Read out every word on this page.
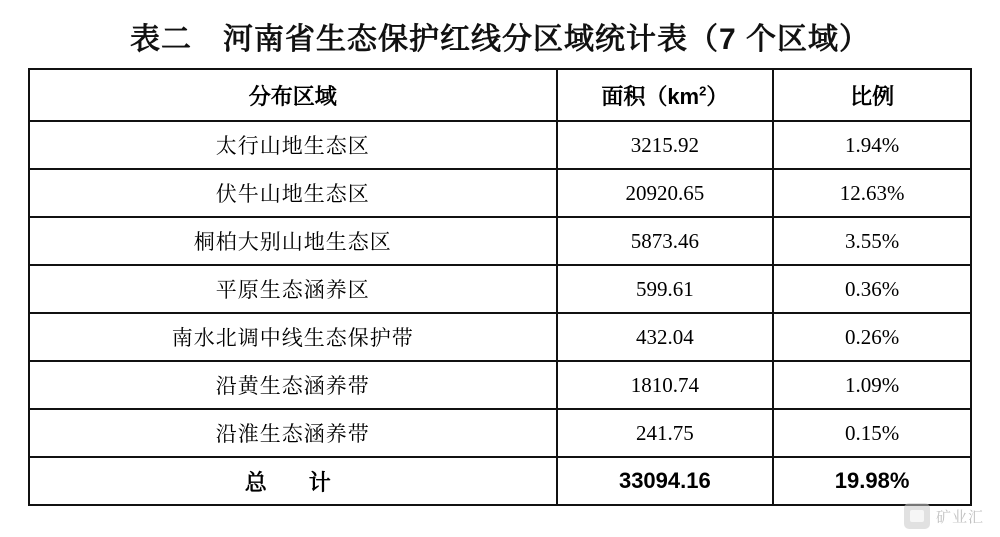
表二　河南省生态保护红线分区域统计表（7 个区域）
分布区域	面积$(km^2)$	比例
太行山地生态区	3215.92	1.94%
伏牛山地生态区	20920.65	12.63%
桐柏大别山地生态区	5873.46	3.55%
平原生态涵养区	599.61	0.36%
南水北调中线生态保护带	432.04	0.26%
沿黄生态涵养带	1810.74	1.09%
沿淮生态涵养带	241.75	0.15%
总　计	33094.16	19.98%
矿业汇
